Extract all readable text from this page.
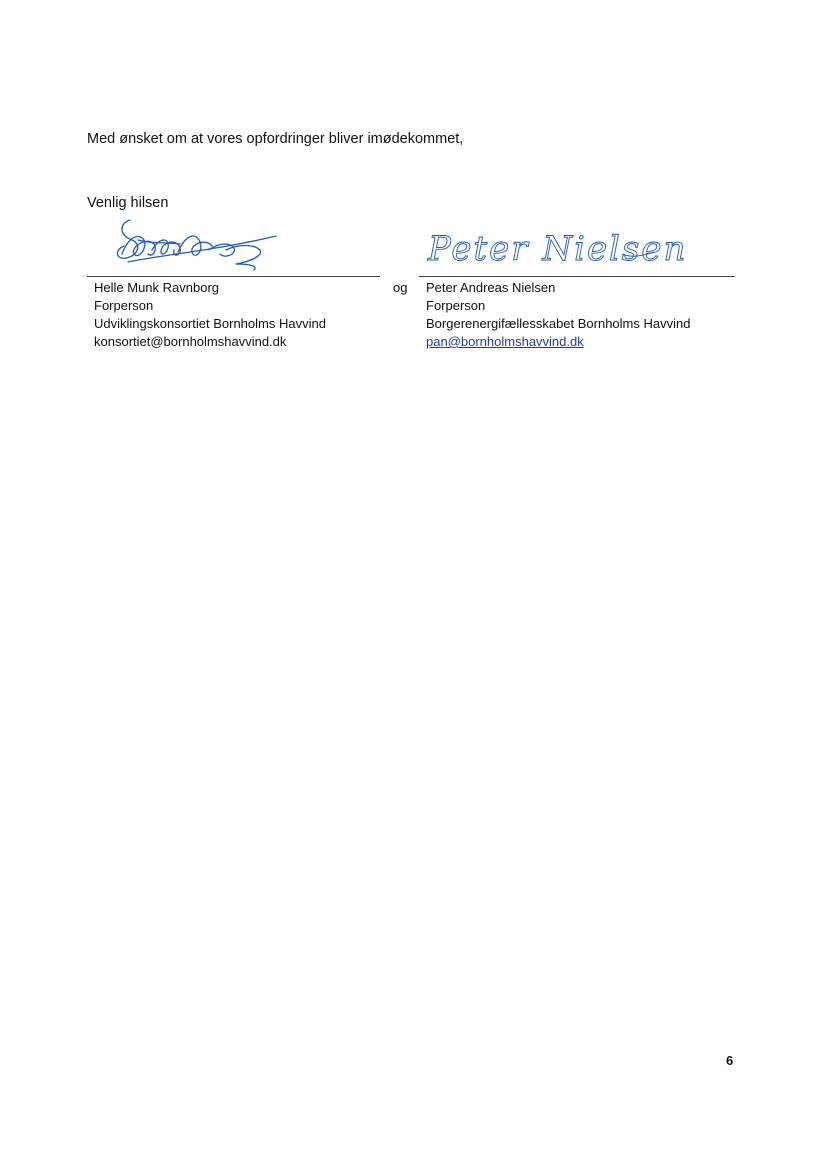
Med ønsket om at vores opfordringer bliver imødekommet,
Venlig hilsen
Peter Nielsen
og
Helle Munk Ravnborg
Forperson
Udviklingskonsortiet Bornholms Havvind
konsortiet@bornholmshavvind.dk
Peter Andreas Nielsen
Forperson
Borgerenergifællesskabet Bornholms Havvind
pan@bornholmshavvind.dk
6
